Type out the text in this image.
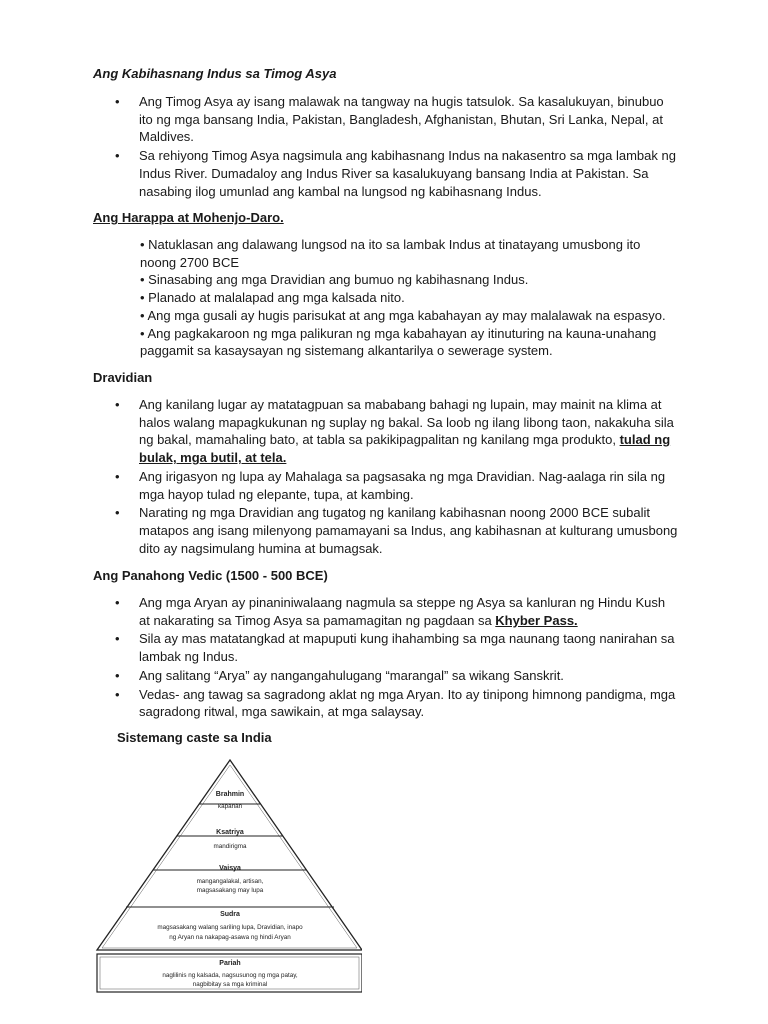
Ang Kabihasnang Indus sa Timog Asya
• Ang Timog Asya ay isang malawak na tangway na hugis tatsulok. Sa kasalukuyan, binubuo ito ng mga bansang India, Pakistan, Bangladesh, Afghanistan, Bhutan, Sri Lanka, Nepal, at Maldives.
• Sa rehiyong Timog Asya nagsimula ang kabihasnang Indus na nakasentro sa mga lambak ng Indus River. Dumadaloy ang Indus River sa kasalukuyang bansang India at Pakistan. Sa nasabing ilog umunlad ang kambal na lungsod ng kabihasnang Indus.
Ang Harappa at Mohenjo-Daro.

• Natuklasan ang dalawang lungsod na ito sa lambak Indus at tinatayang umusbong ito noong 2700 BCE

• Sinasabing ang mga Dravidian ang bumuo ng kabihasnang Indus.

• Planado at malalapad ang mga kalsada nito.

• Ang mga gusali ay hugis parisukat at ang mga kabahayan ay may malalawak na espasyo.

• Ang pagkakaroon ng mga palikuran ng mga kabahayan ay itinuturing na kauna-unahang paggamit sa kasaysayan ng sistemang alkantarilya o sewerage system.

Dravidian
• Ang kanilang lugar ay matatagpuan sa mababang bahagi ng lupain, may mainit na klima at halos walang mapagkukunan ng suplay ng bakal. Sa loob ng ilang libong taon, nakakuha sila ng bakal, mamahaling bato, at tabla sa pakikipagpalitan ng kanilang mga produkto, tulad ng bulak, mga butil, at tela.
• Ang irigasyon ng lupa ay Mahalaga sa pagsasaka ng mga Dravidian. Nag-aalaga rin sila ng mga hayop tulad ng elepante, tupa, at kambing.
• Narating ng mga Dravidian ang tugatog ng kanilang kabihasnan noong 2000 BCE subalit matapos ang isang milenyong pamamayani sa Indus, ang kabihasnan at kulturang umusbong dito ay nagsimulang humina at bumagsak.
Ang Panahong Vedic (1500 - 500 BCE)
• Ang mga Aryan ay pinaniniwalaang nagmula sa steppe ng Asya sa kanluran ng Hindu Kush at nakarating sa Timog Asya sa pamamagitan ng pagdaan sa Khyber Pass.
• Sila ay mas matatangkad at mapuputi kung ihahambing sa mga naunang taong nanirahan sa lambak ng Indus.
• Ang salitang “Arya” ay nangangahulugang “marangal” sa wikang Sanskrit.
• Vedas- ang tawag sa sagradong aklat ng mga Aryan. Ito ay tinipong himnong pandigma, mga sagradong ritwal, mga sawikain, at mga salaysay.
Sistemang caste sa India
Brahmin
kaparian
Ksatriya
mandirigma
Vaisya
mangangalakal, artisan,
magsasakang may lupa
Sudra
magsasakang walang sariling lupa, Dravidian, inapo
ng Aryan na nakapag-asawa ng hindi Aryan
Pariah
naglilinis ng kalsada, nagsusunog ng mga patay,
nagbibitay sa mga kriminal
